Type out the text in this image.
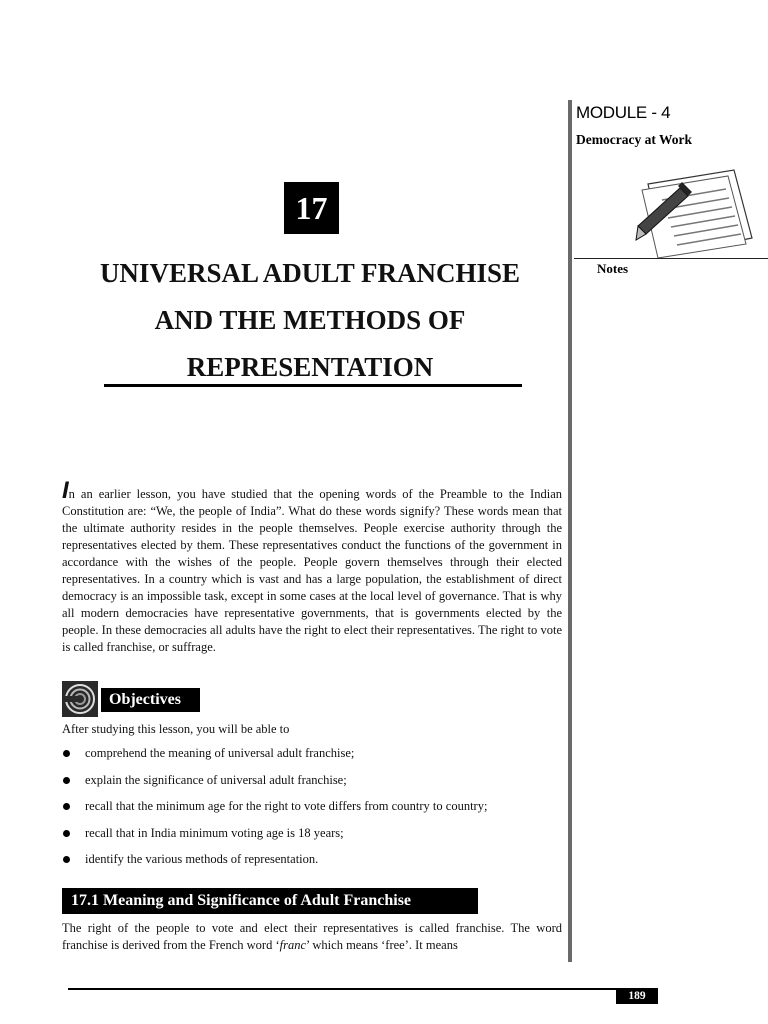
MODULE - 4
Democracy at Work
Notes
17
UNIVERSAL ADULT FRANCHISE
AND THE METHODS OF
REPRESENTATION

In an earlier lesson, you have studied that the opening words of the Preamble to the Indian Constitution are: “We, the people of India”. What do these words signify? These words mean that the ultimate authority resides in the people themselves. People exercise authority through the representatives elected by them. These representatives conduct the functions of the government in accordance with the wishes of the people. People govern themselves through their elected representatives. In a country which is vast and has a large population, the establishment of direct democracy is an impossible task, except in some cases at the local level of governance. That is why all modern democracies have representative governments, that is governments elected by the people. In these democracies all adults have the right to elect their representatives. The right to vote is called franchise, or suffrage.

Objectives
After studying this lesson, you will be able to
comprehend the meaning of universal adult franchise;
explain the significance of universal adult franchise;
recall that the minimum age for the right to vote differs from country to country;
recall that in India minimum voting age is 18 years;
identify the various methods of representation.
17.1 Meaning and Significance of Adult Franchise

The right of the people to vote and elect their representatives is called franchise. The word franchise is derived from the French word ‘franc’ which means ‘free’. It means

189
